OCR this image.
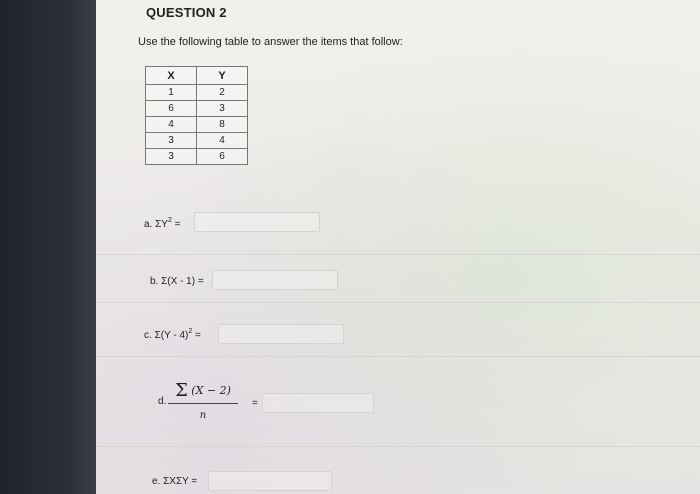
QUESTION 2
Use the following table to answer the items that follow:
X	Y
1	2
6	3
4	8
3	4
3	6
a. $\Sigma Y^2$ =
b. Σ(X - 1) =
c. Σ(Y - 4)$^2$ =
d.
Σ (X − 2)
n
=
e. ΣXΣY =
